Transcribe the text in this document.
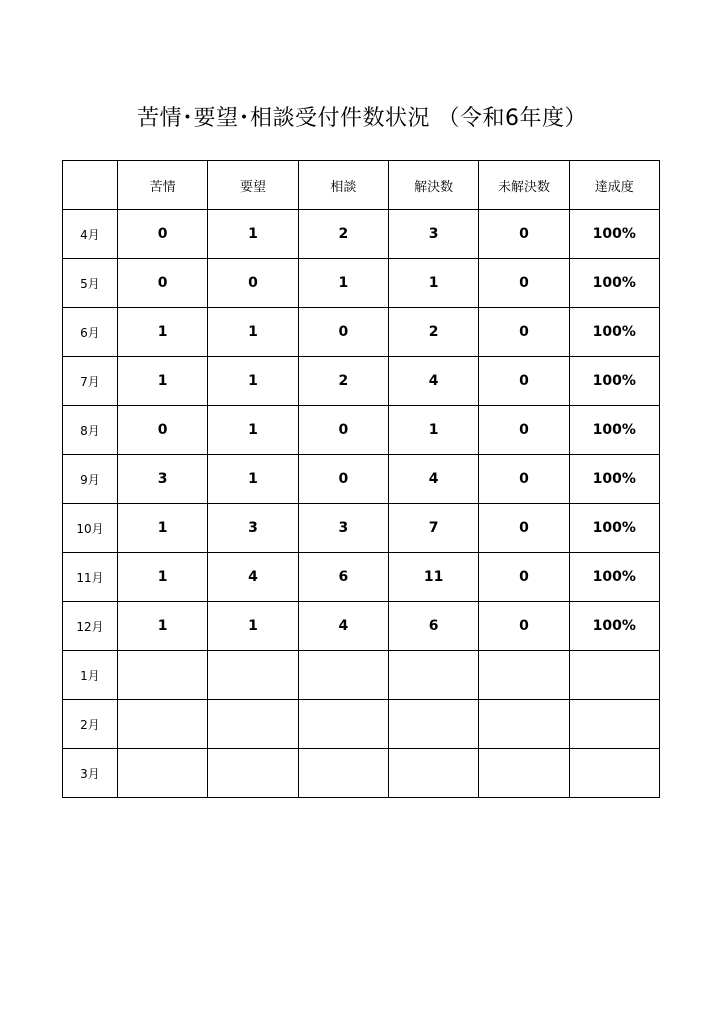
苦情･要望･相談受付件数状況 （令和6年度）
	苦情	要望	相談	解決数	未解決数	達成度
4月	0	1	2	3	0	100%
5月	0	0	1	1	0	100%
6月	1	1	0	2	0	100%
7月	1	1	2	4	0	100%
8月	0	1	0	1	0	100%
9月	3	1	0	4	0	100%
10月	1	3	3	7	0	100%
11月	1	4	6	11	0	100%
12月	1	1	4	6	0	100%
1月						
2月						
3月						
